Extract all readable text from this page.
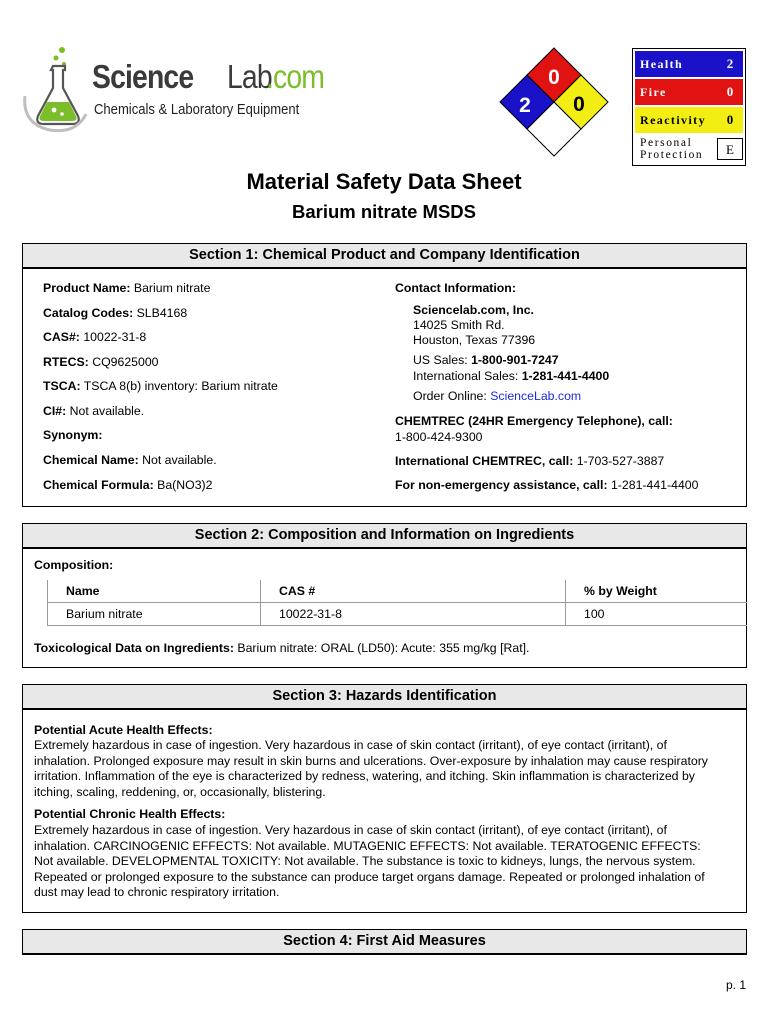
Science Lab
.com
Chemicals & Laboratory Equipment
0
2 0
Health	2
Fire	0
Reactivity	0
Personal
Protection	E
Material Safety Data Sheet
Barium nitrate MSDS
Section 1: Chemical Product and Company Identification
Product Name: Barium nitrate
Catalog Codes: SLB4168
CAS#: 10022-31-8
RTECS: CQ9625000
TSCA: TSCA 8(b) inventory: Barium nitrate
CI#: Not available.
Synonym:
Chemical Name: Not available.
Chemical Formula: Ba(NO3)2
Contact Information:
Sciencelab.com, Inc.
14025 Smith Rd.
Houston, Texas 77396
US Sales: 1-800-901-7247
International Sales: 1-281-441-4400
Order Online: ScienceLab.com
CHEMTREC (24HR Emergency Telephone), call:
1-800-424-9300
International CHEMTREC, call: 1-703-527-3887
For non-emergency assistance, call: 1-281-441-4400
Section 2: Composition and Information on Ingredients
Composition:
Name	CAS #	% by Weight
Barium nitrate	10022-31-8	100
Toxicological Data on Ingredients: Barium nitrate: ORAL (LD50): Acute: 355 mg/kg [Rat].
Section 3: Hazards Identification
Potential Acute Health Effects:
Extremely hazardous in case of ingestion. Very hazardous in case of skin contact (irritant), of eye contact (irritant), of
inhalation. Prolonged exposure may result in skin burns and ulcerations. Over-exposure by inhalation may cause respiratory
irritation. Inflammation of the eye is characterized by redness, watering, and itching. Skin inflammation is characterized by
itching, scaling, reddening, or, occasionally, blistering.
Potential Chronic Health Effects:
Extremely hazardous in case of ingestion. Very hazardous in case of skin contact (irritant), of eye contact (irritant), of
inhalation. CARCINOGENIC EFFECTS: Not available. MUTAGENIC EFFECTS: Not available. TERATOGENIC EFFECTS:
Not available. DEVELOPMENTAL TOXICITY: Not available. The substance is toxic to kidneys, lungs, the nervous system.
Repeated or prolonged exposure to the substance can produce target organs damage. Repeated or prolonged inhalation of
dust may lead to chronic respiratory irritation.
Section 4: First Aid Measures
p. 1
